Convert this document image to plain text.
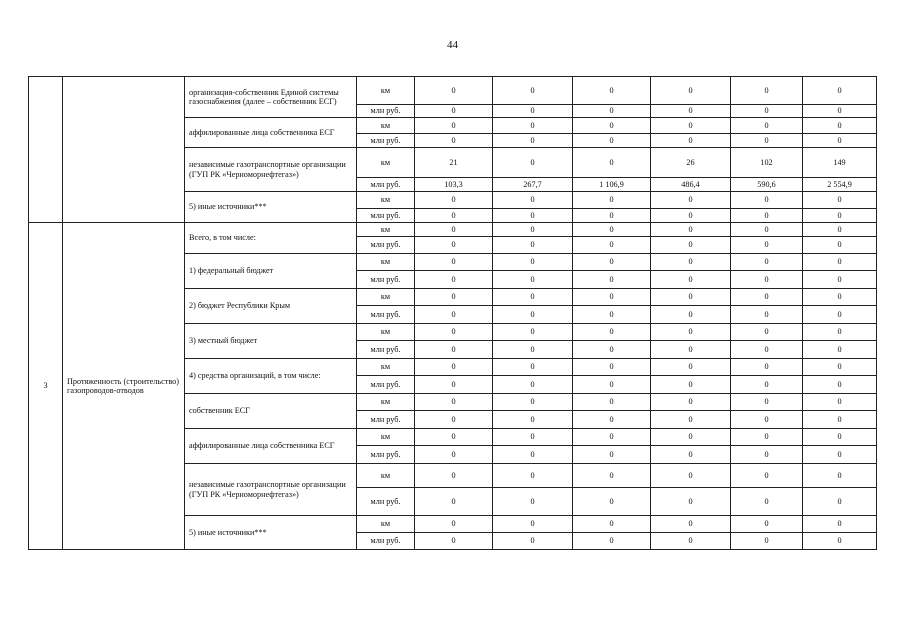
44
		организация-собственник Единой системы газоснабжения (далее – собственник ЕСГ)	км	0	0	0	0	0	0
			млн руб.	0	0	0	0	0	0
		аффилированные лица собственника ЕСГ	км	0	0	0	0	0	0
			млн руб.	0	0	0	0	0	0
		независимые газотранспортные организации (ГУП РК «Черноморнефтегаз»)	км	21	0	0	26	102	149
			млн руб.	103,3	267,7	1 106,9	486,4	590,6	2 554,9
		5) иные источники***	км	0	0	0	0	0	0
			млн руб.	0	0	0	0	0	0
3	Протяженность (строительство) газопроводов-отводов	Всего, в том числе:	км	0	0	0	0	0	0
			млн руб.	0	0	0	0	0	0
		1) федеральный бюджет	км	0	0	0	0	0	0
			млн руб.	0	0	0	0	0	0
		2) бюджет Республики Крым	км	0	0	0	0	0	0
			млн руб.	0	0	0	0	0	0
		3) местный бюджет	км	0	0	0	0	0	0
			млн руб.	0	0	0	0	0	0
		4) средства организаций, в том числе:	км	0	0	0	0	0	0
			млн руб.	0	0	0	0	0	0
		собственник ЕСГ	км	0	0	0	0	0	0
			млн руб.	0	0	0	0	0	0
		аффилированные лица собственника ЕСГ	км	0	0	0	0	0	0
			млн руб.	0	0	0	0	0	0
		независимые газотранспортные организации (ГУП РК «Черноморнефтегаз»)	км	0	0	0	0	0	0
			млн руб.	0	0	0	0	0	0
		5) иные источники***	км	0	0	0	0	0	0
			млн руб.	0	0	0	0	0	0
